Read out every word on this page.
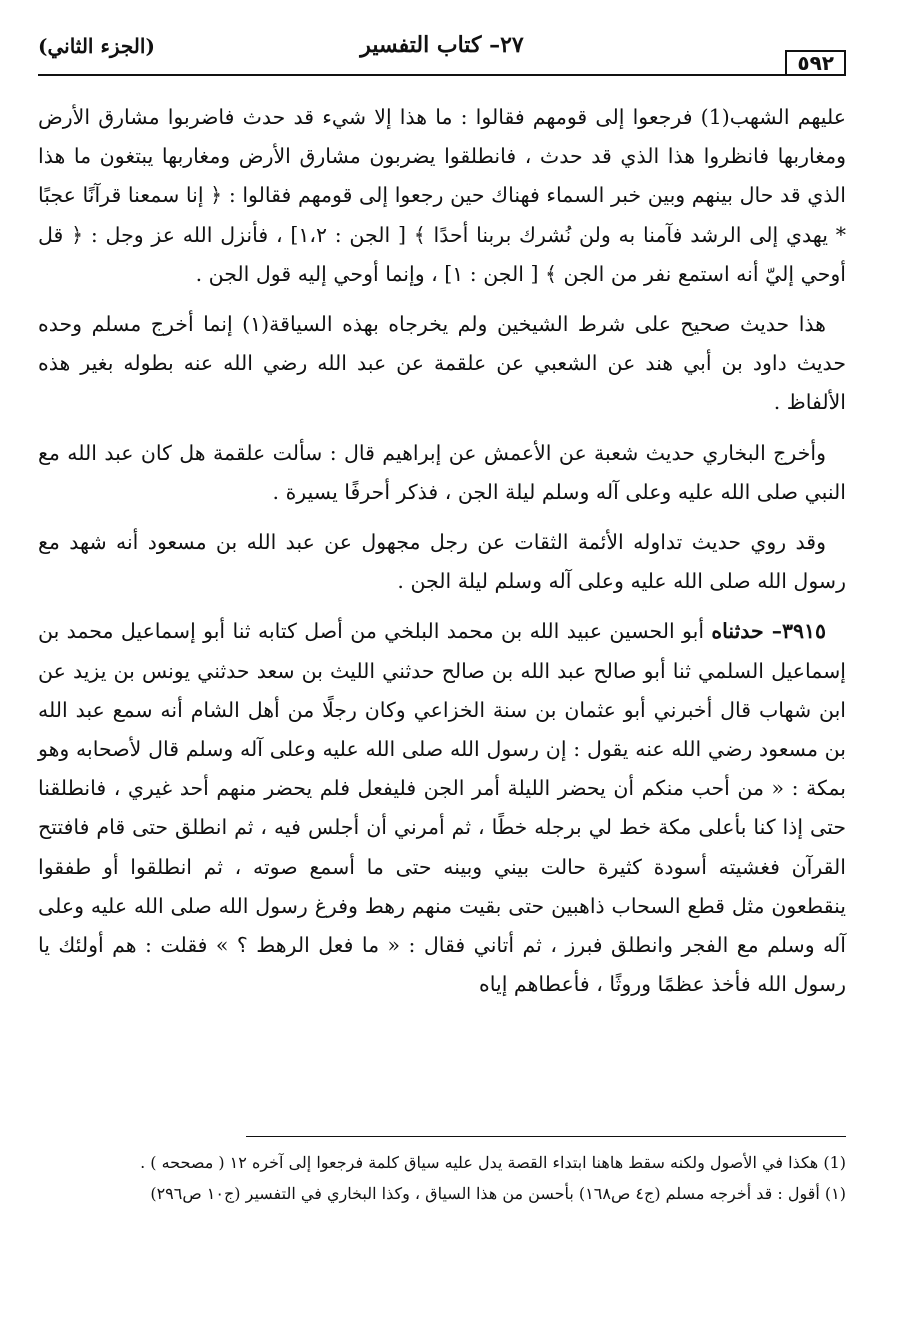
٥٩٢
٢٧– كتاب التفسير
(الجزء الثاني)

عليهم الشهب(1) فرجعوا إلى قومهم فقالوا : ما هذا إلا شيء قد حدث فاضربوا مشارق الأرض ومغاربها فانظروا هذا الذي قد حدث ، فانطلقوا يضربون مشارق الأرض ومغاربها يبتغون ما هذا الذي قد حال بينهم وبين خبر السماء فهناك حين رجعوا إلى قومهم فقالوا : ﴿ إنا سمعنا قرآنًا عجبًا * يهدي إلى الرشد فآمنا به ولن نُشرك بربنا أحدًا ﴾ [ الجن : ١،٢] ، فأنزل الله عز وجل : ﴿ قل أوحي إليّ أنه استمع نفر من الجن ﴾ [ الجن : ١] ، وإنما أوحي إليه قول الجن .

هذا حديث صحيح على شرط الشيخين ولم يخرجاه بهذه السياقة(١) إنما أخرج مسلم وحده حديث داود بن أبي هند عن الشعبي عن علقمة عن عبد الله رضي الله عنه بطوله بغير هذه الألفاظ .

وأخرج البخاري حديث شعبة عن الأعمش عن إبراهيم قال : سألت علقمة هل كان عبد الله مع النبي صلى الله عليه وعلى آله وسلم ليلة الجن ، فذكر أحرفًا يسيرة .

وقد روي حديث تداوله الأئمة الثقات عن رجل مجهول عن عبد الله بن مسعود أنه شهد مع رسول الله صلى الله عليه وعلى آله وسلم ليلة الجن .

٣٩١٥– حدثناه أبو الحسين عبيد الله بن محمد البلخي من أصل كتابه ثنا أبو إسماعيل محمد بن إسماعيل السلمي ثنا أبو صالح عبد الله بن صالح حدثني الليث بن سعد حدثني يونس بن يزيد عن ابن شهاب قال أخبرني أبو عثمان بن سنة الخزاعي وكان رجلًا من أهل الشام أنه سمع عبد الله بن مسعود رضي الله عنه يقول : إن رسول الله صلى الله عليه وعلى آله وسلم قال لأصحابه وهو بمكة : « من أحب منكم أن يحضر الليلة أمر الجن فليفعل فلم يحضر منهم أحد غيري ، فانطلقنا حتى إذا كنا بأعلى مكة خط لي برجله خطًا ، ثم أمرني أن أجلس فيه ، ثم انطلق حتى قام فافتتح القرآن فغشيته أسودة كثيرة حالت بيني وبينه حتى ما أسمع صوته ، ثم انطلقوا أو طفقوا ينقطعون مثل قطع السحاب ذاهبين حتى بقيت منهم رهط وفرغ رسول الله صلى الله عليه وعلى آله وسلم مع الفجر وانطلق فبرز ، ثم أتاني فقال : « ما فعل الرهط ؟ » فقلت : هم أولئك يا رسول الله فأخذ عظمًا وروثًا ، فأعطاهم إياه

(1) هكذا في الأصول ولكنه سقط هاهنا ابتداء القصة يدل عليه سياق كلمة فرجعوا إلى آخره ١٢ ( مصححه ) .

(١) أقول : قد أخرجه مسلم (ج٤ ص١٦٨) بأحسن من هذا السياق ، وكذا البخاري في التفسير (ج١٠ ص٢٩٦)
